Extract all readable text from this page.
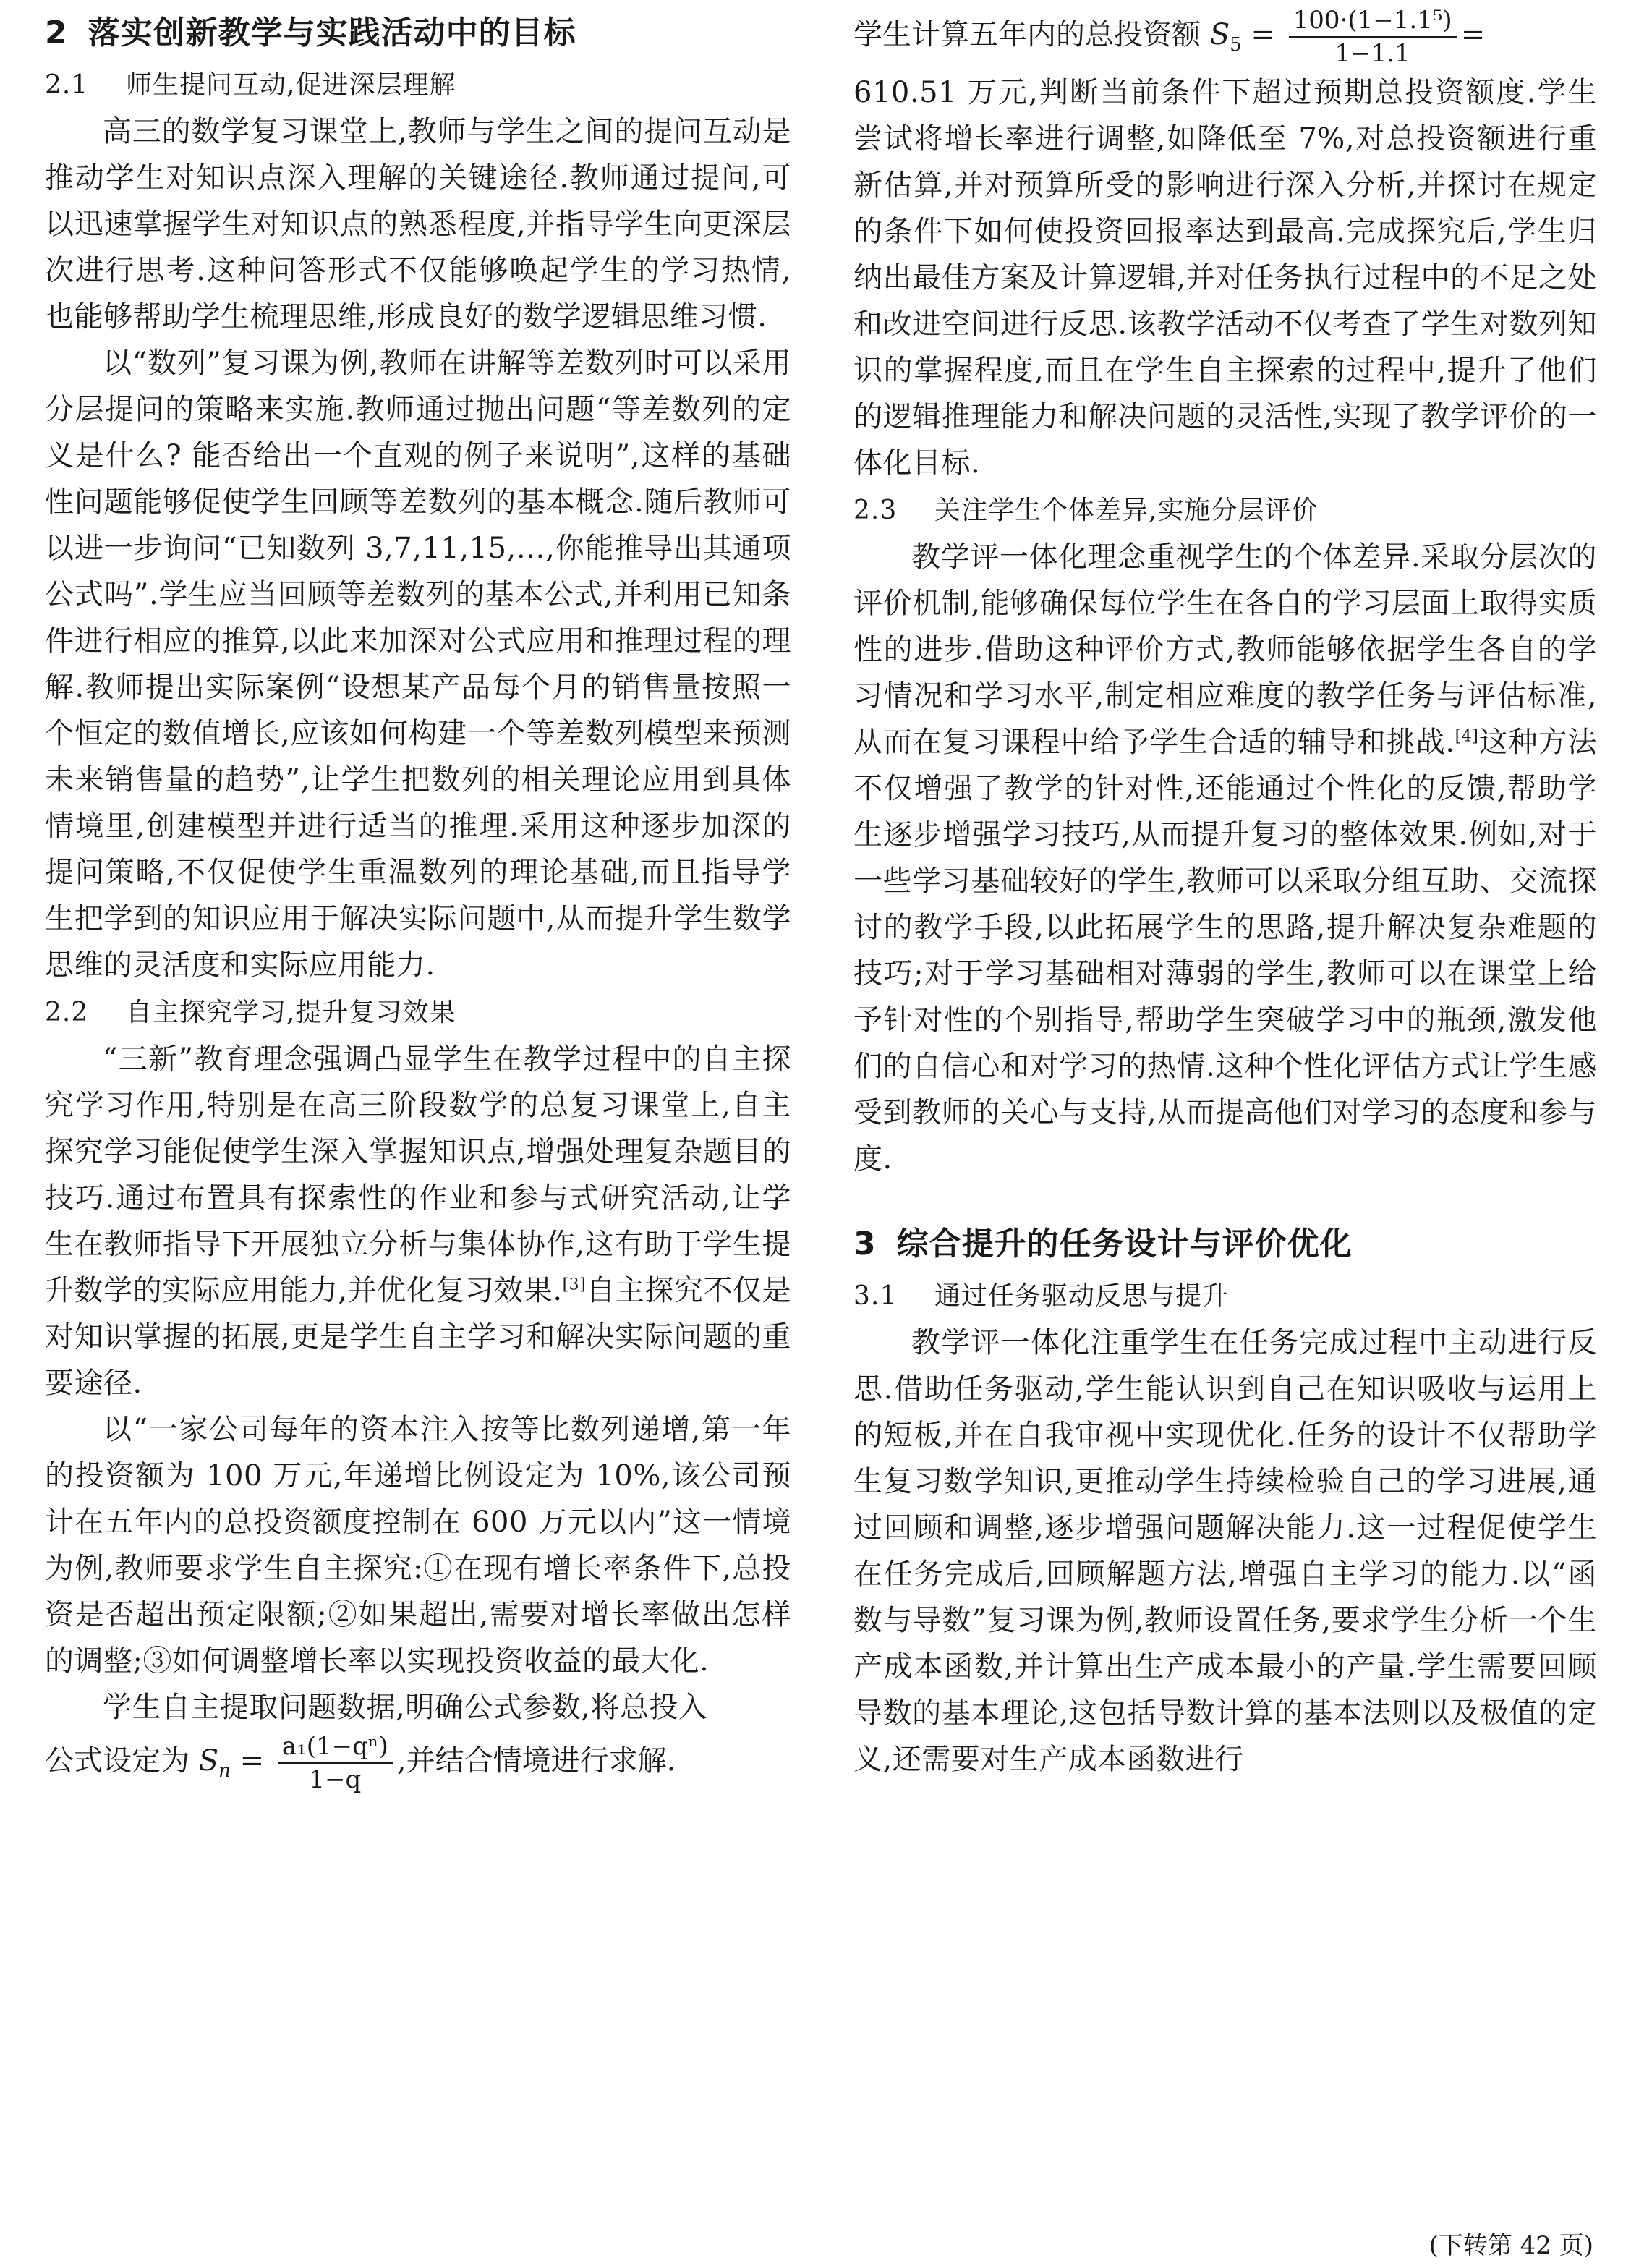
2 落实创新教学与实践活动中的目标
2.1 师生提问互动,促进深层理解

高三的数学复习课堂上,教师与学生之间的提问互动是推动学生对知识点深入理解的关键途径.教师通过提问,可以迅速掌握学生对知识点的熟悉程度,并指导学生向更深层次进行思考.这种问答形式不仅能够唤起学生的学习热情,也能够帮助学生梳理思维,形成良好的数学逻辑思维习惯.

以“数列”复习课为例,教师在讲解等差数列时可以采用分层提问的策略来实施.教师通过抛出问题“等差数列的定义是什么? 能否给出一个直观的例子来说明”,这样的基础性问题能够促使学生回顾等差数列的基本概念.随后教师可以进一步询问“已知数列 3,7,11,15,…,你能推导出其通项公式吗”.学生应当回顾等差数列的基本公式,并利用已知条件进行相应的推算,以此来加深对公式应用和推理过程的理解.教师提出实际案例“设想某产品每个月的销售量按照一个恒定的数值增长,应该如何构建一个等差数列模型来预测未来销售量的趋势”,让学生把数列的相关理论应用到具体情境里,创建模型并进行适当的推理.采用这种逐步加深的提问策略,不仅促使学生重温数列的理论基础,而且指导学生把学到的知识应用于解决实际问题中,从而提升学生数学思维的灵活度和实际应用能力.

2.2 自主探究学习,提升复习效果

“三新”教育理念强调凸显学生在教学过程中的自主探究学习作用,特别是在高三阶段数学的总复习课堂上,自主探究学习能促使学生深入掌握知识点,增强处理复杂题目的技巧.通过布置具有探索性的作业和参与式研究活动,让学生在教师指导下开展独立分析与集体协作,这有助于学生提升数学的实际应用能力,并优化复习效果.[3]自主探究不仅是对知识掌握的拓展,更是学生自主学习和解决实际问题的重要途径.

以“一家公司每年的资本注入按等比数列递增,第一年的投资额为 100 万元,年递增比例设定为 10%,该公司预计在五年内的总投资额度控制在 600 万元以内”这一情境为例,教师要求学生自主探究:①在现有增长率条件下,总投资是否超出预定限额;②如果超出,需要对增长率做出怎样的调整;③如何调整增长率以实现投资收益的最大化.

学生自主提取问题数据,明确公式参数,将总投入

公式设定为 $S_n = \frac{\text{a₁(1−qⁿ)}}{1-q}$ ,并结合情境进行求解.

学生计算五年内的总投资额 $S_5 = \frac{\text{100·(1−1.1⁵)}}{1-1.1}$ =

610.51 万元,判断当前条件下超过预期总投资额度.学生尝试将增长率进行调整,如降低至 7%,对总投资额进行重新估算,并对预算所受的影响进行深入分析,并探讨在规定的条件下如何使投资回报率达到最高.完成探究后,学生归纳出最佳方案及计算逻辑,并对任务执行过程中的不足之处和改进空间进行反思.该教学活动不仅考查了学生对数列知识的掌握程度,而且在学生自主探索的过程中,提升了他们的逻辑推理能力和解决问题的灵活性,实现了教学评价的一体化目标.

2.3 关注学生个体差异,实施分层评价

教学评一体化理念重视学生的个体差异.采取分层次的评价机制,能够确保每位学生在各自的学习层面上取得实质性的进步.借助这种评价方式,教师能够依据学生各自的学习情况和学习水平,制定相应难度的教学任务与评估标准,从而在复习课程中给予学生合适的辅导和挑战.[4]这种方法不仅增强了教学的针对性,还能通过个性化的反馈,帮助学生逐步增强学习技巧,从而提升复习的整体效果.例如,对于一些学习基础较好的学生,教师可以采取分组互助、交流探讨的教学手段,以此拓展学生的思路,提升解决复杂难题的技巧;对于学习基础相对薄弱的学生,教师可以在课堂上给予针对性的个别指导,帮助学生突破学习中的瓶颈,激发他们的自信心和对学习的热情.这种个性化评估方式让学生感受到教师的关心与支持,从而提高他们对学习的态度和参与度.

3 综合提升的任务设计与评价优化
3.1 通过任务驱动反思与提升

教学评一体化注重学生在任务完成过程中主动进行反思.借助任务驱动,学生能认识到自己在知识吸收与运用上的短板,并在自我审视中实现优化.任务的设计不仅帮助学生复习数学知识,更推动学生持续检验自己的学习进展,通过回顾和调整,逐步增强问题解决能力.这一过程促使学生在任务完成后,回顾解题方法,增强自主学习的能力.以“函数与导数”复习课为例,教师设置任务,要求学生分析一个生产成本函数,并计算出生产成本最小的产量.学生需要回顾导数的基本理论,这包括导数计算的基本法则以及极值的定义,还需要对生产成本函数进行

(下转第 42 页)
